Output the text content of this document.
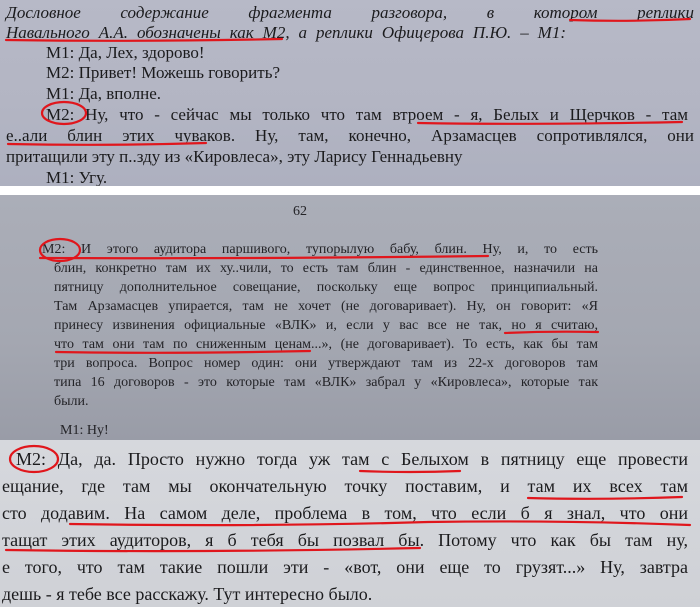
Дословное содержание фрагмента разговора, в котором реплики
Навального А.А. обозначены как М2, а реплики Офицерова П.Ю. – М1:
М1: Да, Лех, здорово!
М2: Привет! Можешь говорить?
М1: Да, вполне.
М2: Ну, что - сейчас мы только что там втроем - я, Белых и Щерчков - там
е..али блин этих чуваков. Ну, там, конечно, Арзамасцев сопротивлялся, они
притащили эту п..здy из «Кировлеса», эту Ларису Геннадьевну
М1: Угу.
62
М2: И этого аудитора паршивого, тупорылую бабу, блин. Ну, и, то есть
блин, конкретно там их ху..чили, то есть там блин - единственное, назначили на
пятницу дополнительное совещание, поскольку еще вопрос принципиальный.
Там Арзамасцев упирается, там не хочет (не договаривает). Ну, он говорит: «Я
принесу извинения официальные «ВЛК» и, если у вас все не так, но я считаю,
что там они там по сниженным ценам...», (не договаривает). То есть, как бы там
три вопроса. Вопрос номер один: они утверждают там из 22-х договоров там
типа 16 договоров - это которые там «ВЛК» забрал у «Кировлеса», которые так
были.
М1: Ну!
М2: Да, да. Просто нужно тогда уж там с Белыхом в пятницу еще провести
ещание, где там мы окончательную точку поставим, и там их всех там
сто додавим. На самом деле, проблема в том, что если б я знал, что они
тащат этих аудиторов, я б тебя бы позвал бы. Потому что как бы там ну,
е того, что там такие пошли эти - «вот, они еще то грузят...» Ну, завтра
дешь - я тебе все расскажу. Тут интересно было.
